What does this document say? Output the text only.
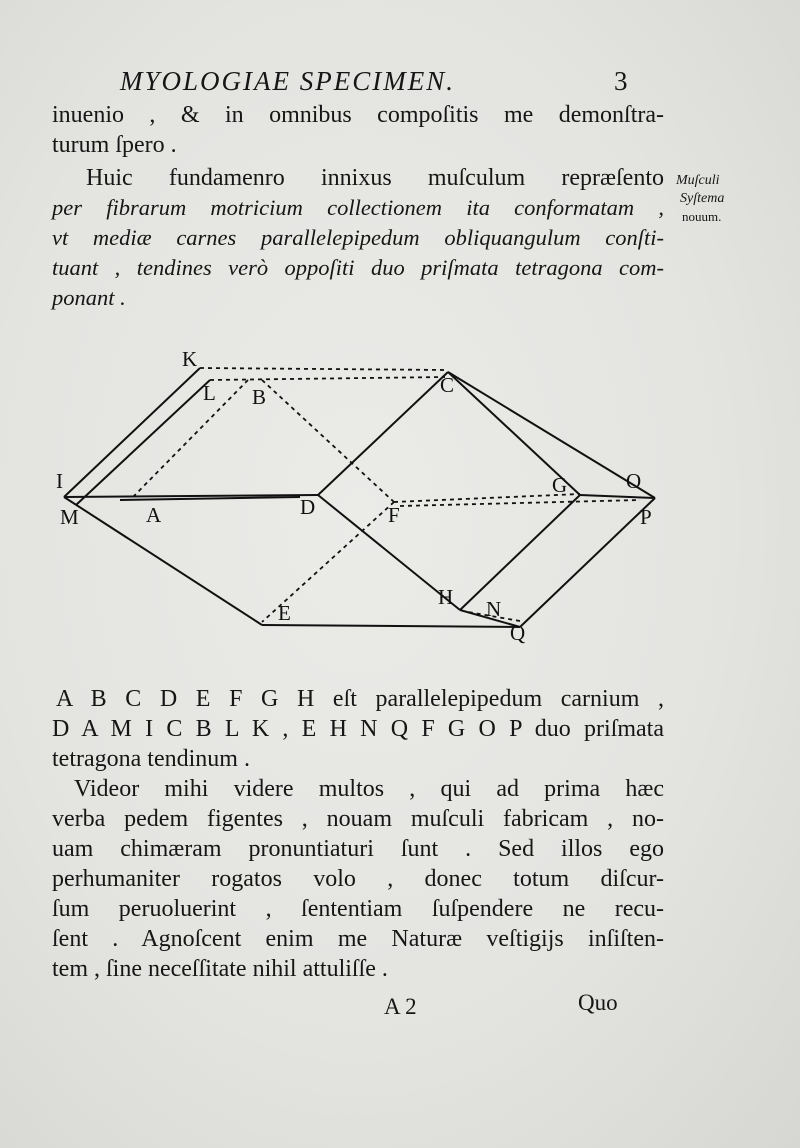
MYOLOGIAE SPECIMEN.	3
inuenio , & in omnibus compoſitis me demonſtra-
turum ſpero .
Huic fundamenro innixus muſculum repræſento
per fibrarum motricium collectionem ita conformatam ,
vt mediæ carnes parallelepipedum obliquangulum conſti-
tuant , tendines verò oppoſiti duo priſmata tetragona com-
ponant .
Muſculi
Syſtema
nouum.
K
L B	C
I
M	A	D	F
G	O
P
E
H N
Q
A B C D E F G H eſt parallelepipedum carnium ,
D A M I C B L K , E H N Q F G O P duo priſmata
tetragona tendinum .
Videor mihi videre multos , qui ad prima hæc
verba pedem figentes , nouam muſculi fabricam , no-
uam chimæram pronuntiaturi ſunt . Sed illos ego
perhumaniter rogatos volo , donec totum diſcur-
ſum peruoluerint , ſententiam ſuſpendere ne recu-
ſent . Agnoſcent enim me Naturæ veſtigijs inſiſten-
tem , ſine neceſſitate nihil attuliſſe .
A 2	Quo
